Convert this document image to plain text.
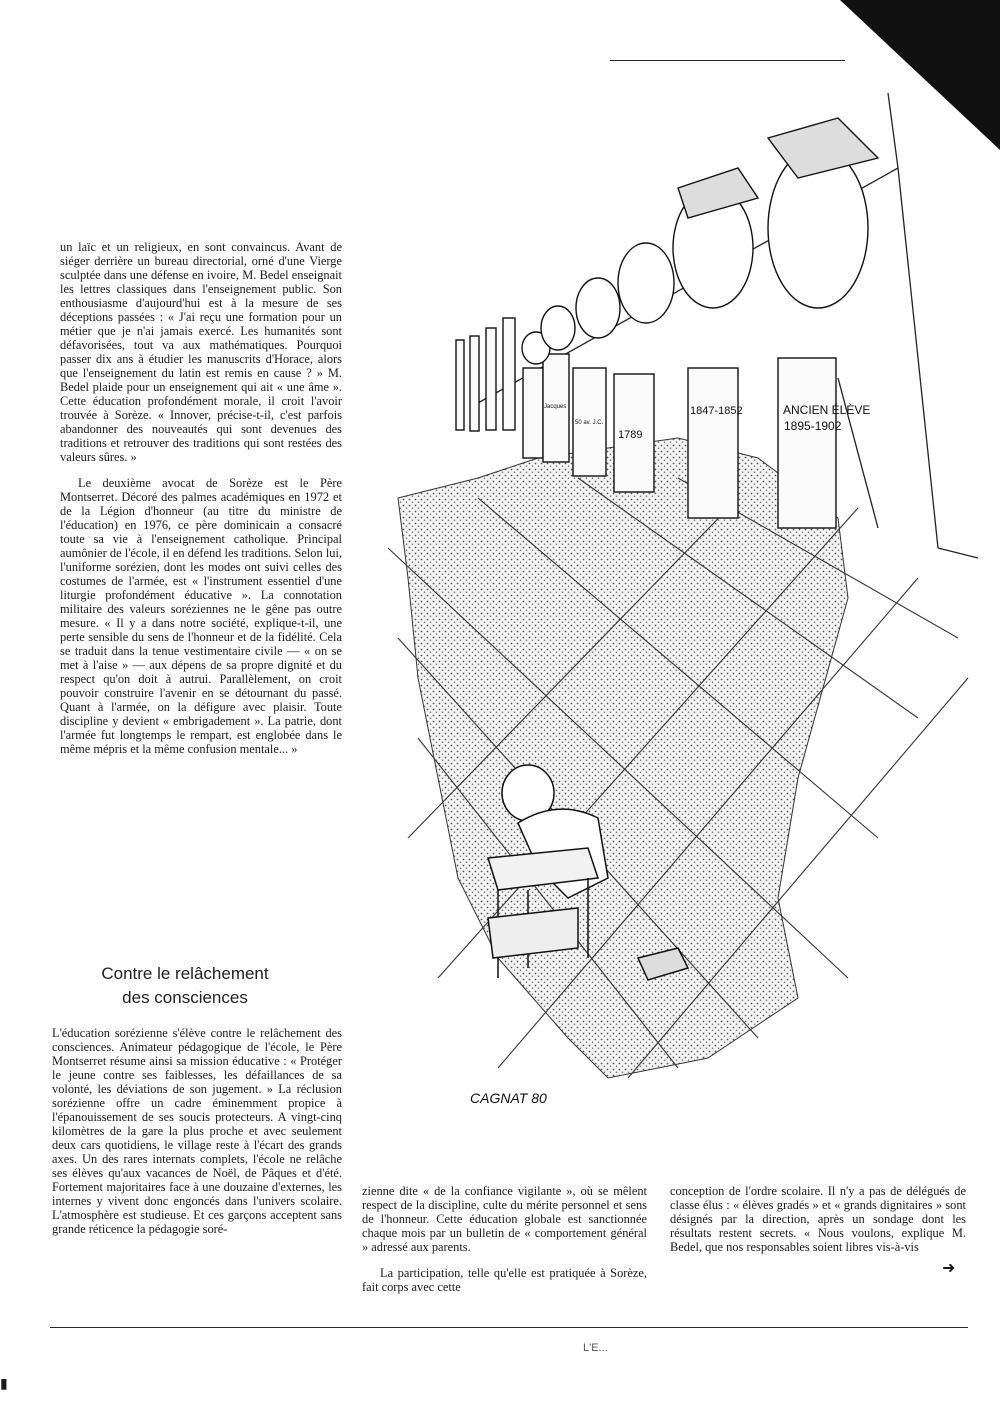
un laïc et un religieux, en sont convaincus. Avant de siéger derrière un bureau directorial, orné d'une Vierge sculptée dans une défense en ivoire, M. Bedel enseignait les lettres classiques dans l'enseignement public. Son enthousiasme d'aujourd'hui est à la mesure de ses déceptions passées : « J'ai reçu une formation pour un métier que je n'ai jamais exercé. Les humanités sont défavorisées, tout va aux mathématiques. Pourquoi passer dix ans à étudier les manuscrits d'Horace, alors que l'enseignement du latin est remis en cause ? » M. Bedel plaide pour un enseignement qui ait « une âme ». Cette éducation profondément morale, il croit l'avoir trouvée à Sorèze. « Innover, précise-t-il, c'est parfois abandonner des nouveautés qui sont devenues des traditions et retrouver des traditions qui sont restées des valeurs sûres. »

Le deuxième avocat de Sorèze est le Père Montserret. Décoré des palmes académiques en 1972 et de la Légion d'honneur (au titre du ministre de l'éducation) en 1976, ce père dominicain a consacré toute sa vie à l'enseignement catholique. Principal aumônier de l'école, il en défend les traditions. Selon lui, l'uniforme sorézien, dont les modes ont suivi celles des costumes de l'armée, est « l'instrument essentiel d'une liturgie profondément éducative ». La connotation militaire des valeurs soréziennes ne le gêne pas outre mesure. « Il y a dans notre société, explique-t-il, une perte sensible du sens de l'honneur et de la fidélité. Cela se traduit dans la tenue vestimentaire civile — « on se met à l'aise » — aux dépens de sa propre dignité et du respect qu'on doit à autrui. Parallèlement, on croit pouvoir construire l'avenir en se détournant du passé. Quant à l'armée, on la défigure avec plaisir. Toute discipline y devient « embrigadement ». La patrie, dont l'armée fut longtemps le rempart, est englobée dans le même mépris et la même confusion mentale... »

Contre le relâchement
des consciences

L'éducation sorézienne s'élève contre le relâchement des consciences. Animateur pédagogique de l'école, le Père Montserret résume ainsi sa mission éducative : « Protéger le jeune contre ses faiblesses, les défaillances de sa volonté, les déviations de son jugement. » La réclusion sorézienne offre un cadre éminemment propice à l'épanouissement de ses soucis protecteurs. A vingt-cinq kilomètres de la gare la plus proche et avec seulement deux cars quotidiens, le village reste à l'écart des grands axes. Un des rares internats complets, l'école ne relâche ses élèves qu'aux vacances de Noël, de Pâques et d'été. Fortement majoritaires face à une douzaine d'externes, les internes y vivent donc engoncés dans l'univers scolaire. L'atmosphère est studieuse. Et ces garçons acceptent sans grande réticence la pédagogie soré-

zienne dite « de la confiance vigilante », où se mêlent respect de la discipline, culte du mérite personnel et sens de l'honneur. Cette éducation globale est sanctionnée chaque mois par un bulletin de « comportement général » adressé aux parents.

La participation, telle qu'elle est pratiquée à Sorèze, fait corps avec cette

conception de l'ordre scolaire. Il n'y a pas de délégués de classe élus : « élèves gradés » et « grands dignitaires » sont désignés par la direction, après un sondage dont les résultats restent secrets. « Nous voulons, explique M. Bedel, que nos responsables soient libres vis-à-vis

➜
L'E...
▮
ANCIEN ÉLÈVE
1895-1902
1847-1852
1789
50 av. J.C.
Jacques
CAGNAT 80
